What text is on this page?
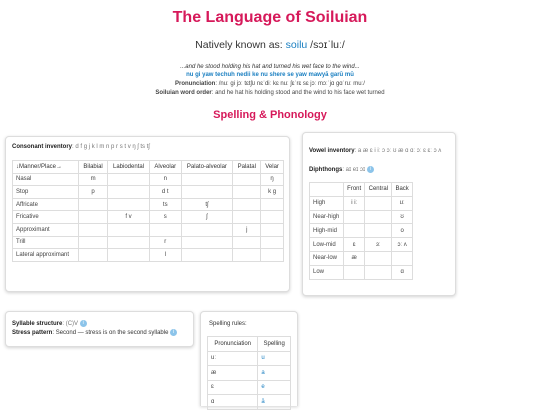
The Language of Soiluian
Natively known as: soilu /sɔɪˈluː/
...and he stood holding his hat and turned his wet face to the wind...
nu gi yaw techuh nedii ke nu shere se yaw mawyā garū mū
Pronunciation: /nuː gi jɔː tɛtʃʊ nɛˈdiː kɛ nuː ʃɛˈrɛ sɛ jɔː mɔːˈjɑ gɑˈruː muː/
Soiluian word order: and he hat his holding stood and the wind to his face wet turned
Spelling & Phonology
Consonant inventory: d f g j k l m n p r s t v ŋ ʃ ts tʃ
↓Manner/Place→	Bilabial	Labiodental	Alveolar	Palato-alveolar	Palatal	Velar
Nasal	m		n			ŋ
Stop	p		d t			k g
Affricate			ts	tʃ		
Fricative		f v	s	ʃ		
Approximant					j	
Trill			r			
Lateral approximant			l			
Vowel inventory: a æ ɛ i iː ɔ ɔː ʊ æ ɑ ɑː ɔː ɛ ɛː ɔ ʌ
Diphthongs: aɪ eɪ ɔɪ i
	Front	Central	Back
High	i iː		uː
Near-high			ʊ
High-mid			o
Low-mid	ɛ	ɜː	ɔː ʌ
Near-low	æ		
Low			ɑ
Syllable structure: (C)V i
Stress pattern: Second — stress is on the second syllable i
Spelling rules:
Pronunciation	Spelling
uː	u
æ	a
ɛ	e
ɑ	ā
